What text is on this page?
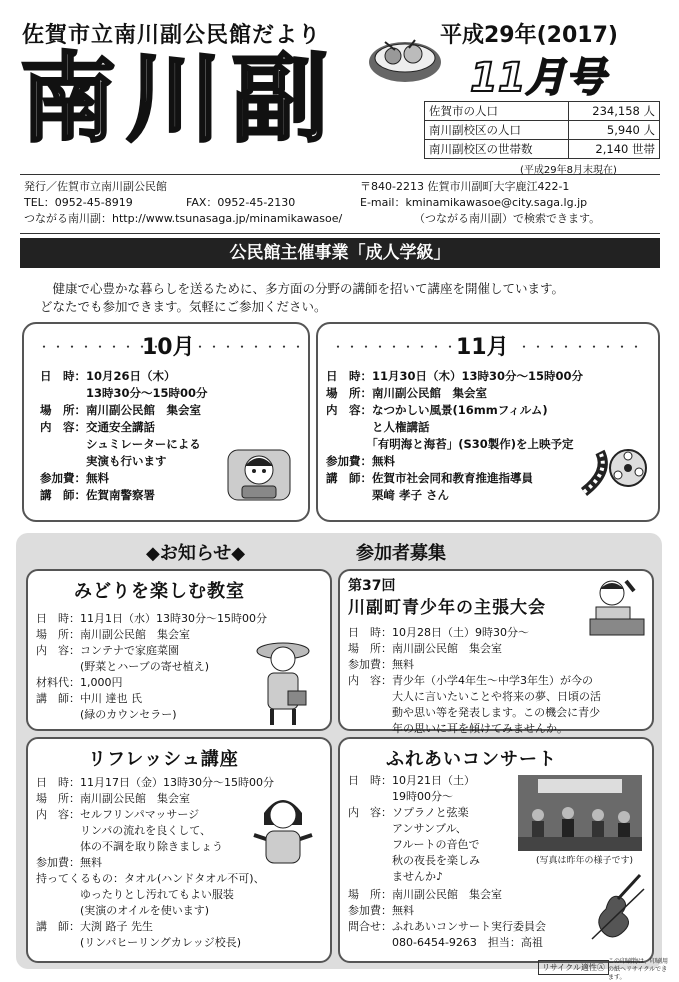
佐賀市立南川副公民館だより
南川副
平成29年(2017)
11月号
佐賀市の人口	234,158 人
南川副校区の人口	5,940 人
南川副校区の世帯数	2,140 世帯
(平成29年8月末現在)
発行／佐賀市立南川副公民館	〒840-2213 佐賀市川副町大字鹿江422-1
TEL：0952-45-8919	FAX：0952-45-2130	E-mail：kminamikawasoe@city.saga.lg.jp
つながる南川副：http://www.tsunasaga.jp/minamikawasoe/	（つながる南川副）で検索できます。
公民館主催事業「成人学級」
健康で心豊かな暮らしを送るために、多方面の分野の講師を招いて講座を開催しています。
どなたでも参加できます。気軽にご参加ください。
・・・・・・・・・
10月 ・・・・・・・・
日　時：10月26日（木）
　　　　13時30分～15時00分
場　所：南川副公民館　集会室
内　容：交通安全講話
　　　　シュミレーターによる
　　　　実演も行います
参加費：無料
講　師：佐賀南警察署
・・・・・・・・・・
11月 ・・・・・・・・・
日　時：11月30日（木）13時30分～15時00分
場　所：南川副公民館　集会室
内　容：なつかしい風景(16mmフィルム)
　　　　と人権講話
　　　　「有明海と海苔」(S30製作)を上映予定
参加費：無料
講　師：佐賀市社会同和教育推進指導員
　　　　栗﨑 孝子 さん
◆お知らせ◆	参加者募集
みどりを楽しむ教室
日　時：11月1日（水）13時30分～15時00分
場　所：南川副公民館　集会室
内　容：コンテナで家庭菜園
　　　　(野菜とハーブの寄せ植え)
材料代：1,000円
講　師：中川 達也 氏
　　　　(緑のカウンセラー)
第37回
川副町青少年の主張大会
日　時：10月28日（土）9時30分～
場　所：南川副公民館　集会室
参加費：無料
内　容：青少年（小学4年生～中学3年生）が今の
　　　　大人に言いたいことや将来の夢、日頃の活
　　　　動や思い等を発表します。この機会に青少
　　　　年の思いに耳を傾けてみませんか。
リフレッシュ講座
日　時：11月17日（金）13時30分～15時00分
場　所：南川副公民館　集会室
内　容：セルフリンパマッサージ
　　　　リンパの流れを良くして、
　　　　体の不調を取り除きましょう
参加費：無料
持ってくるもの：タオル(ハンドタオル不可)、
　　　　ゆったりとし汚れてもよい服装
　　　　(実演のオイルを使います)
講　師：大渕 路子 先生
　　　　(リンパヒーリングカレッジ校長)
ふれあいコンサート
日　時：10月21日（土）
　　　　19時00分～
内　容：ソプラノと弦楽
　　　　アンサンブル、
　　　　フルートの音色で
　　　　秋の夜長を楽しみ
　　　　ませんか♪
(写真は昨年の様子です)
場　所：南川副公民館　集会室
参加費：無料
問合せ：ふれあいコンサート実行委員会
　　　　080-6454-9263　担当：高祖
リサイクル適性Ⓐ
この印刷物は、印刷用の紙へリサイクルできます。
